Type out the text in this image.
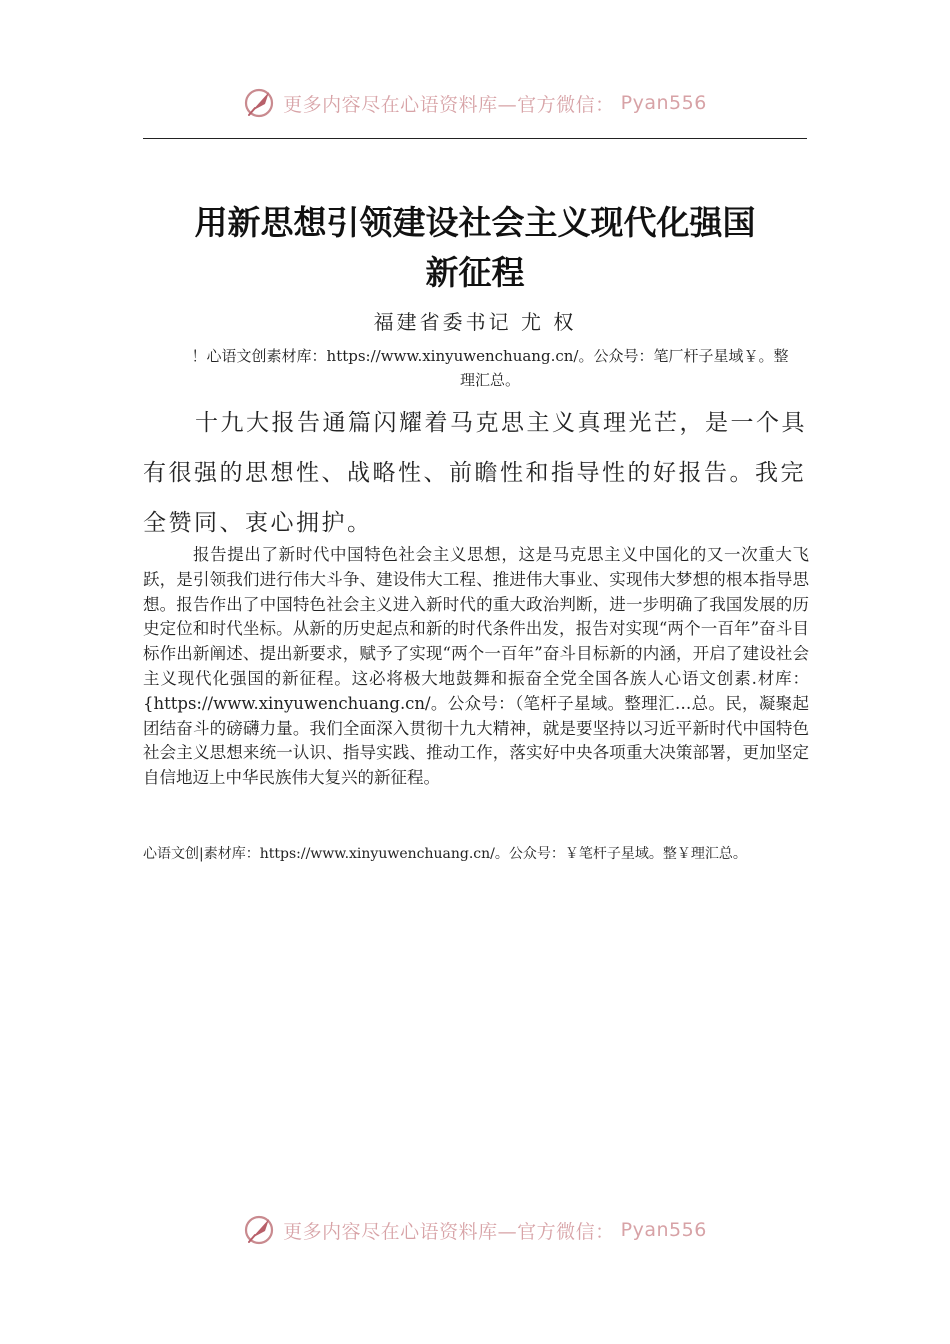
更多内容尽在心语资料库—官方微信： Pyan556
用新思想引领建设社会主义现代化强国
新征程
福建省委书记 尤 权
！心语文创素材库：https://www.xinyuwenchuang.cn/。公众号：笔厂杆子星域￥。整理汇总。

十九大报告通篇闪耀着马克思主义真理光芒，是一个具有很强的思想性、战略性、前瞻性和指导性的好报告。我完全赞同、衷心拥护。

报告提出了新时代中国特色社会主义思想，这是马克思主义中国化的又一次重大飞跃，是引领我们进行伟大斗争、建设伟大工程、推进伟大事业、实现伟大梦想的根本指导思想。报告作出了中国特色社会主义进入新时代的重大政治判断，进一步明确了我国发展的历史定位和时代坐标。从新的历史起点和新的时代条件出发，报告对实现“两个一百年”奋斗目标作出新阐述、提出新要求，赋予了实现“两个一百年”奋斗目标新的内涵，开启了建设社会主义现代化强国的新征程。这必将极大地鼓舞和振奋全党全国各族人心语文创素.材库：{https://www.xinyuwenchuang.cn/。公众号：（笔杆子星域。整理汇…总。民，凝聚起团结奋斗的磅礴力量。我们全面深入贯彻十九大精神，就是要坚持以习近平新时代中国特色社会主义思想来统一认识、指导实践、推动工作，落实好中央各项重大决策部署，更加坚定自信地迈上中华民族伟大复兴的新征程。

心语文创|素材库：https://www.xinyuwenchuang.cn/。公众号：￥笔杆子星域。整￥理汇总。
更多内容尽在心语资料库—官方微信： Pyan556
